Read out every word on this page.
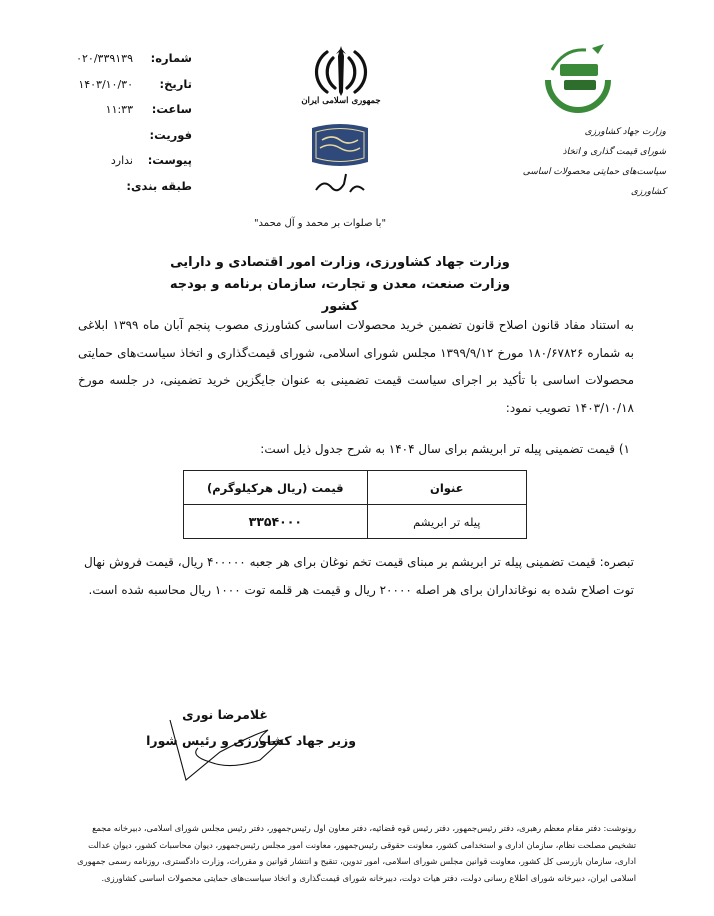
شماره:
۰۲۰/۳۳۹۱۳۹
تاریخ:
۱۴۰۳/۱۰/۳۰
ساعت:
۱۱:۳۳
فوریت:
پیوست:
ندارد
طبقه بندی:
جمهوری اسلامی ایران
وزارت جهاد کشاورزی
شورای قیمت گذاری و اتخاذ
سیاست‌های حمایتی محصولات اساسی کشاورزی
"با صلوات بر محمد و آل محمد"
وزارت جهاد کشاورزی، وزارت امور اقتصادی و دارایی
وزارت صنعت، معدن و تجارت، سازمان برنامه و بودجه کشور
به استناد مفاد قانون اصلاح قانون تضمین خرید محصولات اساسی کشاورزی مصوب پنجم آبان ماه ۱۳۹۹ ابلاغی به شماره ۱۸۰/۶۷۸۲۶ مورخ ۱۳۹۹/۹/۱۲ مجلس شورای اسلامی، شورای قیمت‌گذاری و اتخاذ سیاست‌های حمایتی محصولات اساسی با تأکید بر اجرای سیاست قیمت تضمینی به عنوان جایگزین خرید تضمینی، در جلسه مورخ ۱۴۰۳/۱۰/۱۸ تصویب نمود:
۱) قیمت تضمینی پیله تر ابریشم برای سال ۱۴۰۴ به شرح جدول ذیل است:
عنوان	قیمت (ریال هرکیلوگرم)
پیله تر ابریشم	۳۳۵۴۰۰۰
تبصره: قیمت تضمینی پیله تر ابریشم بر مبنای قیمت تخم نوغان برای هر جعبه ۴۰۰۰۰۰ ریال، قیمت فروش نهال توت اصلاح شده به نوغانداران برای هر اصله ۲۰۰۰۰ ریال و قیمت هر قلمه توت ۱۰۰۰ ریال محاسبه شده است.
غلامرضا نوری
وزیر جهاد کشاورزی و رئیس شورا
رونوشت: دفتر مقام معظم رهبری، دفتر رئیس‌جمهور، دفتر رئیس قوه قضائیه، دفتر معاون اول رئیس‌جمهور، دفتر رئیس مجلس شورای اسلامی، دبیرخانه مجمع تشخیص مصلحت نظام، سازمان اداری و استخدامی کشور، معاونت حقوقی رئیس‌جمهور، معاونت امور مجلس رئیس‌جمهور، دیوان محاسبات کشور، دیوان عدالت اداری، سازمان بازرسی کل کشور، معاونت قوانین مجلس شورای اسلامی، امور تدوین، تنقیح و انتشار قوانین و مقررات، وزارت دادگستری، روزنامه رسمی جمهوری اسلامی ایران، دبیرخانه شورای اطلاع رسانی دولت، دفتر هیات دولت، دبیرخانه شورای قیمت‌گذاری و اتخاذ سیاست‌های حمایتی محصولات اساسی کشاورزی.
